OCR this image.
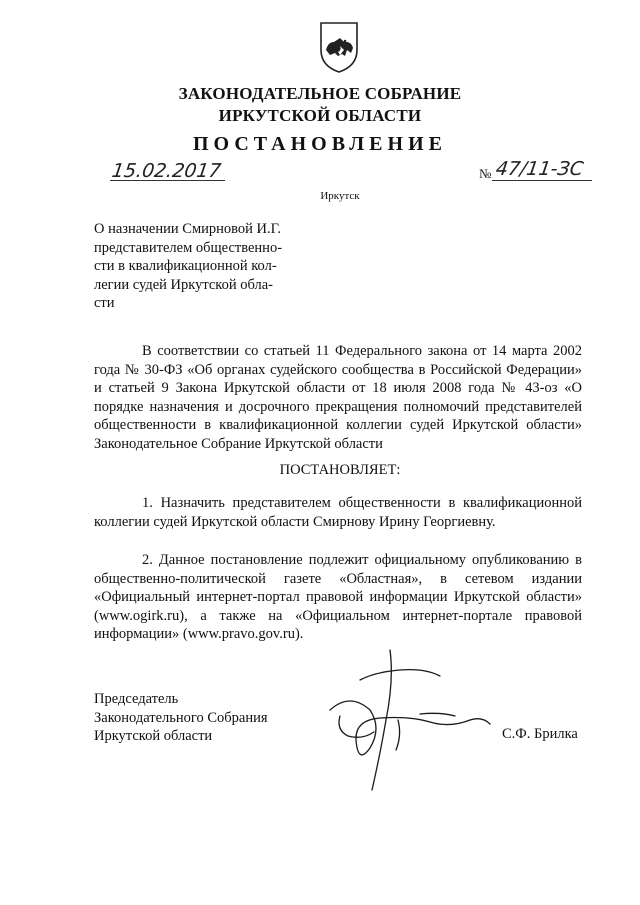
ЗАКОНОДАТЕЛЬНОЕ СОБРАНИЕ
ИРКУТСКОЙ ОБЛАСТИ
ПОСТАНОВЛЕНИЕ
15.02.2017	№ 47/11-ЗС
Иркутск
О назначении Смирновой И.Г.
представителем общественно-
сти в квалификационной кол-
легии судей Иркутской обла-
сти
В соответствии со статьей 11 Федерального закона от 14 марта 2002 года № 30-ФЗ «Об органах судейского сообщества в Российской Федерации» и статьей 9 Закона Иркутской области от 18 июля 2008 года № 43-оз «О порядке назначения и досрочного прекращения полномочий представителей общественности в квалификационной коллегии судей Иркутской области» Законодательное Собрание Иркутской области
ПОСТАНОВЛЯЕТ:
1. Назначить представителем общественности в квалификационной коллегии судей Иркутской области Смирнову Ирину Георгиевну.
2. Данное постановление подлежит официальному опубликованию в общественно-политической газете «Областная», в сетевом издании «Официальный интернет-портал правовой информации Иркутской области» (www.ogirk.ru), а также на «Официальном интернет-портале правовой информации» (www.pravo.gov.ru).
Председатель
Законодательного Собрания
Иркутской области	С.Ф. Брилка
